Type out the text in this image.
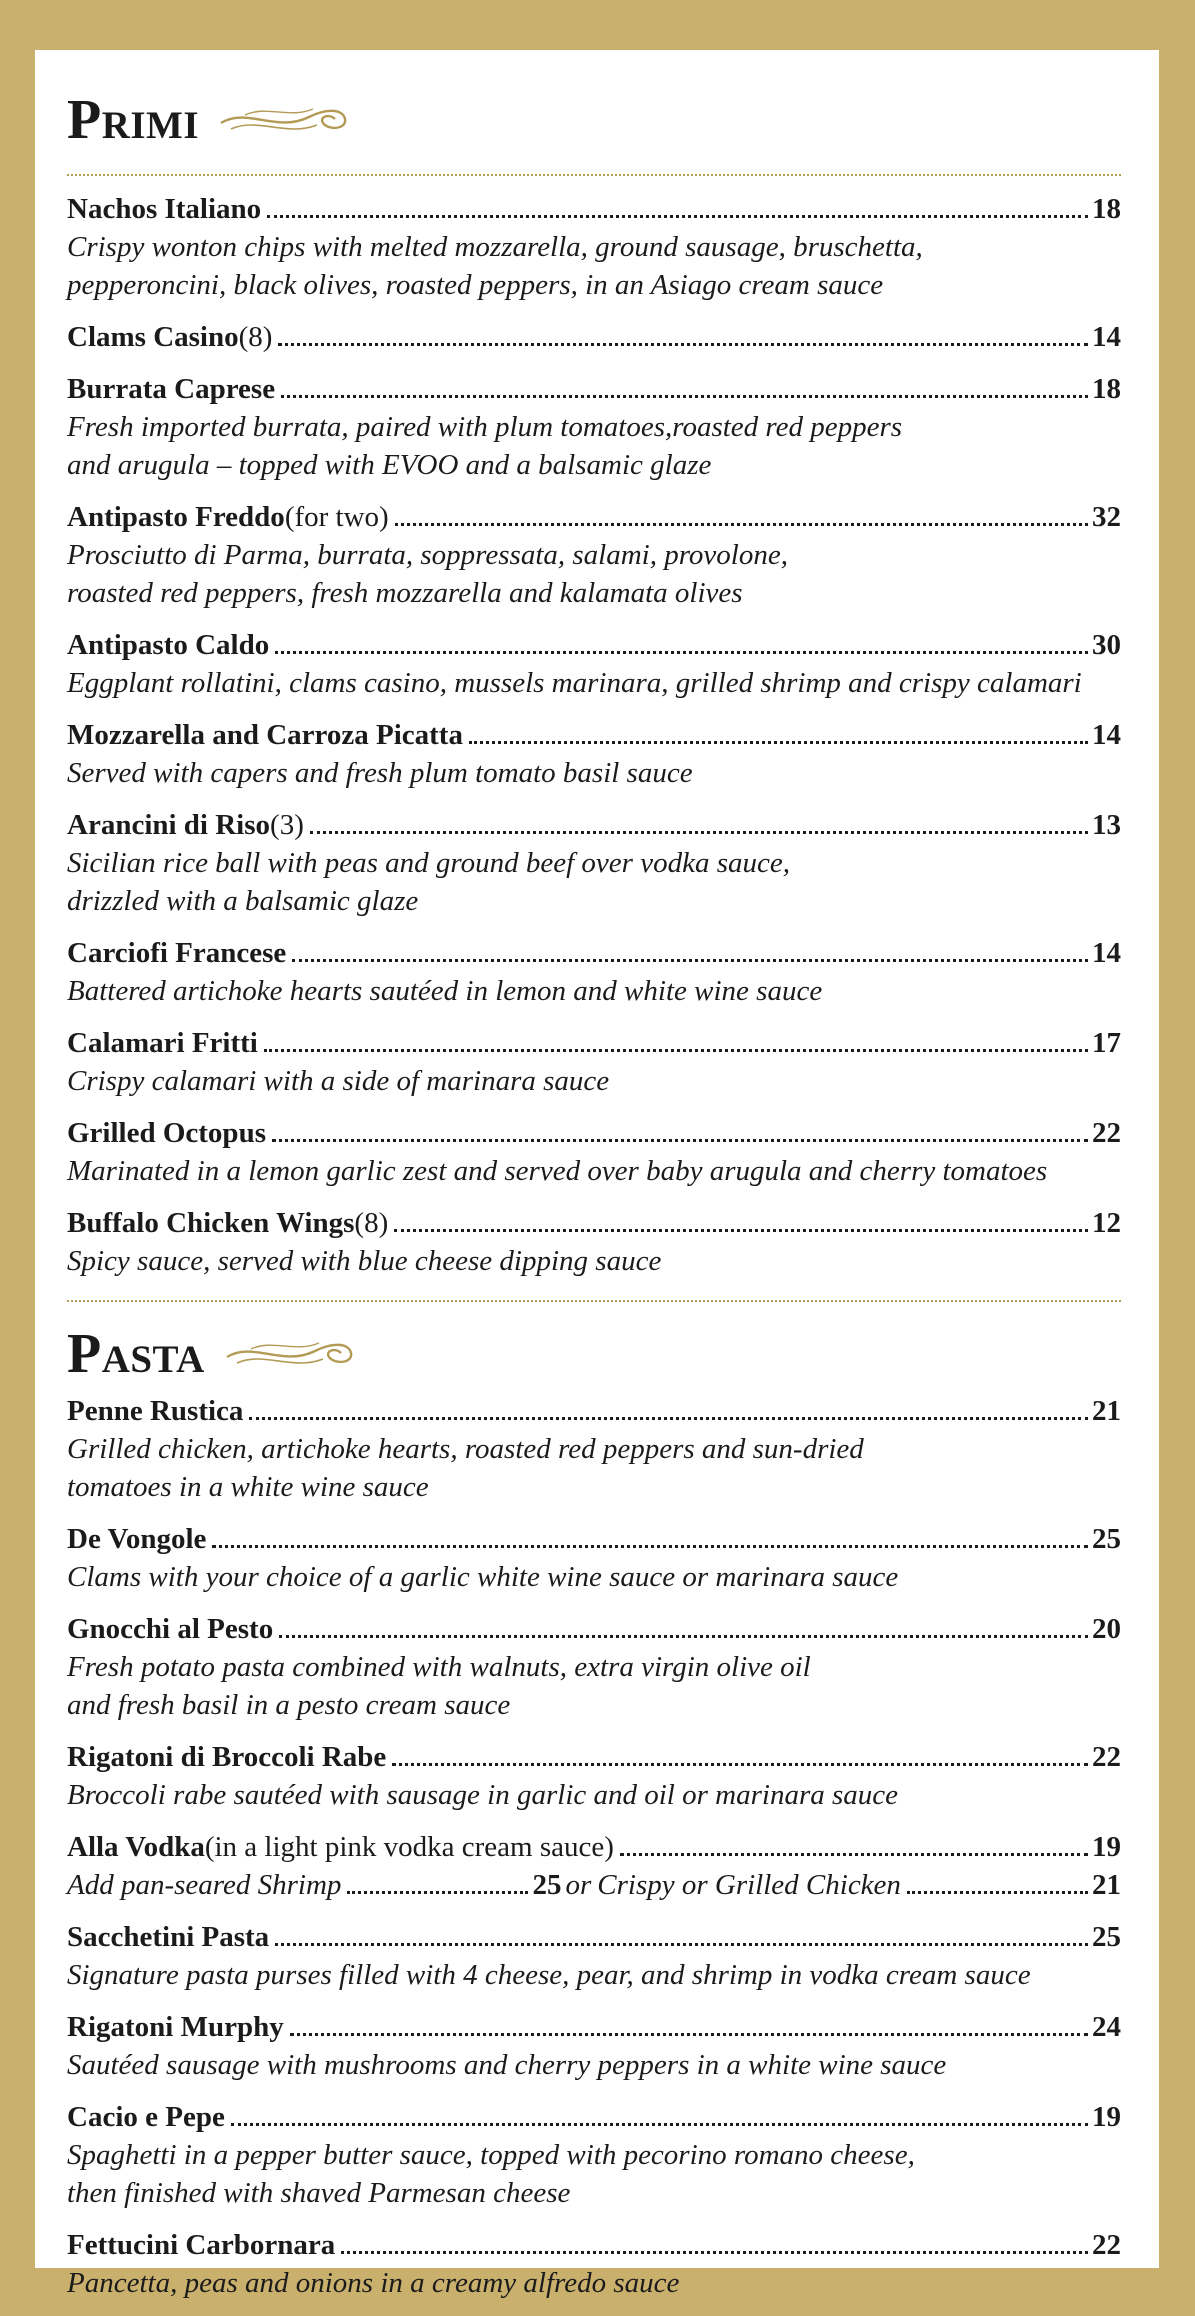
Primi
Nachos Italiano	18
Crispy wonton chips with melted mozzarella, ground sausage, bruschetta,
pepperoncini, black olives, roasted peppers, in an Asiago cream sauce
Clams Casino (8)	14
Burrata Caprese	18
Fresh imported burrata, paired with plum tomatoes,roasted red peppers
and arugula – topped with EVOO and a balsamic glaze
Antipasto Freddo (for two)	32
Prosciutto di Parma, burrata, soppressata, salami, provolone,
roasted red peppers, fresh mozzarella and kalamata olives
Antipasto Caldo	30
Eggplant rollatini, clams casino, mussels marinara, grilled shrimp and crispy calamari
Mozzarella and Carroza Picatta	14
Served with capers and fresh plum tomato basil sauce
Arancini di Riso (3)	13
Sicilian rice ball with peas and ground beef over vodka sauce,
drizzled with a balsamic glaze
Carciofi Francese	14
Battered artichoke hearts sautéed in lemon and white wine sauce
Calamari Fritti	17
Crispy calamari with a side of marinara sauce
Grilled Octopus	22
Marinated in a lemon garlic zest and served over baby arugula and cherry tomatoes
Buffalo Chicken Wings (8)	12
Spicy sauce, served with blue cheese dipping sauce
Pasta
Penne Rustica	21
Grilled chicken, artichoke hearts, roasted red peppers and sun-dried
tomatoes in a white wine sauce
De Vongole	25
Clams with your choice of a garlic white wine sauce or marinara sauce
Gnocchi al Pesto	20
Fresh potato pasta combined with walnuts, extra virgin olive oil
and fresh basil in a pesto cream sauce
Rigatoni di Broccoli Rabe	22
Broccoli rabe sautéed with sausage in garlic and oil or marinara sauce
Alla Vodka (in a light pink vodka cream sauce)	19
Add pan-seared Shrimp	25 or Crispy or Grilled Chicken	21
Sacchetini Pasta	25
Signature pasta purses filled with 4 cheese, pear, and shrimp in vodka cream sauce
Rigatoni Murphy	24
Sautéed sausage with mushrooms and cherry peppers in a white wine sauce
Cacio e Pepe	19
Spaghetti in a pepper butter sauce, topped with pecorino romano cheese,
then finished with shaved Parmesan cheese
Fettucini Carbornara	22
Pancetta, peas and onions in a creamy alfredo sauce
